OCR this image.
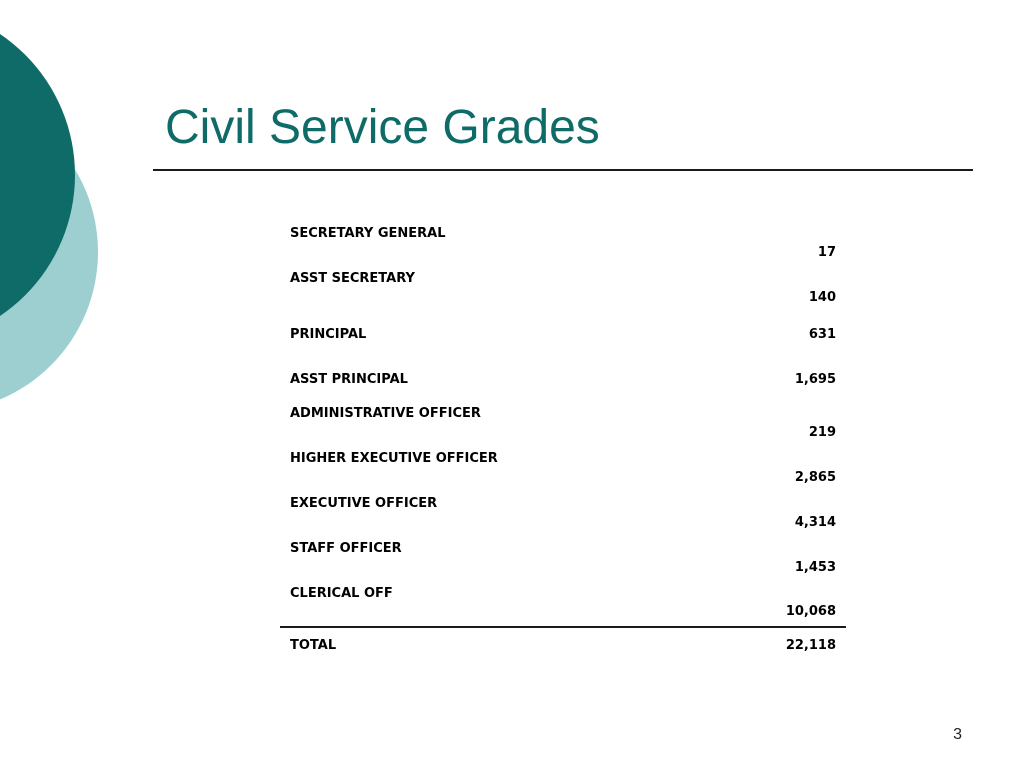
Civil Service Grades
SECRETARY GENERAL	17
ASST SECRETARY	140
PRINCIPAL	631
ASST PRINCIPAL	1,695
ADMINISTRATIVE OFFICER	219
HIGHER EXECUTIVE OFFICER	2,865
EXECUTIVE OFFICER	4,314
STAFF OFFICER	1,453
CLERICAL OFF	10,068
TOTAL	22,118
3
